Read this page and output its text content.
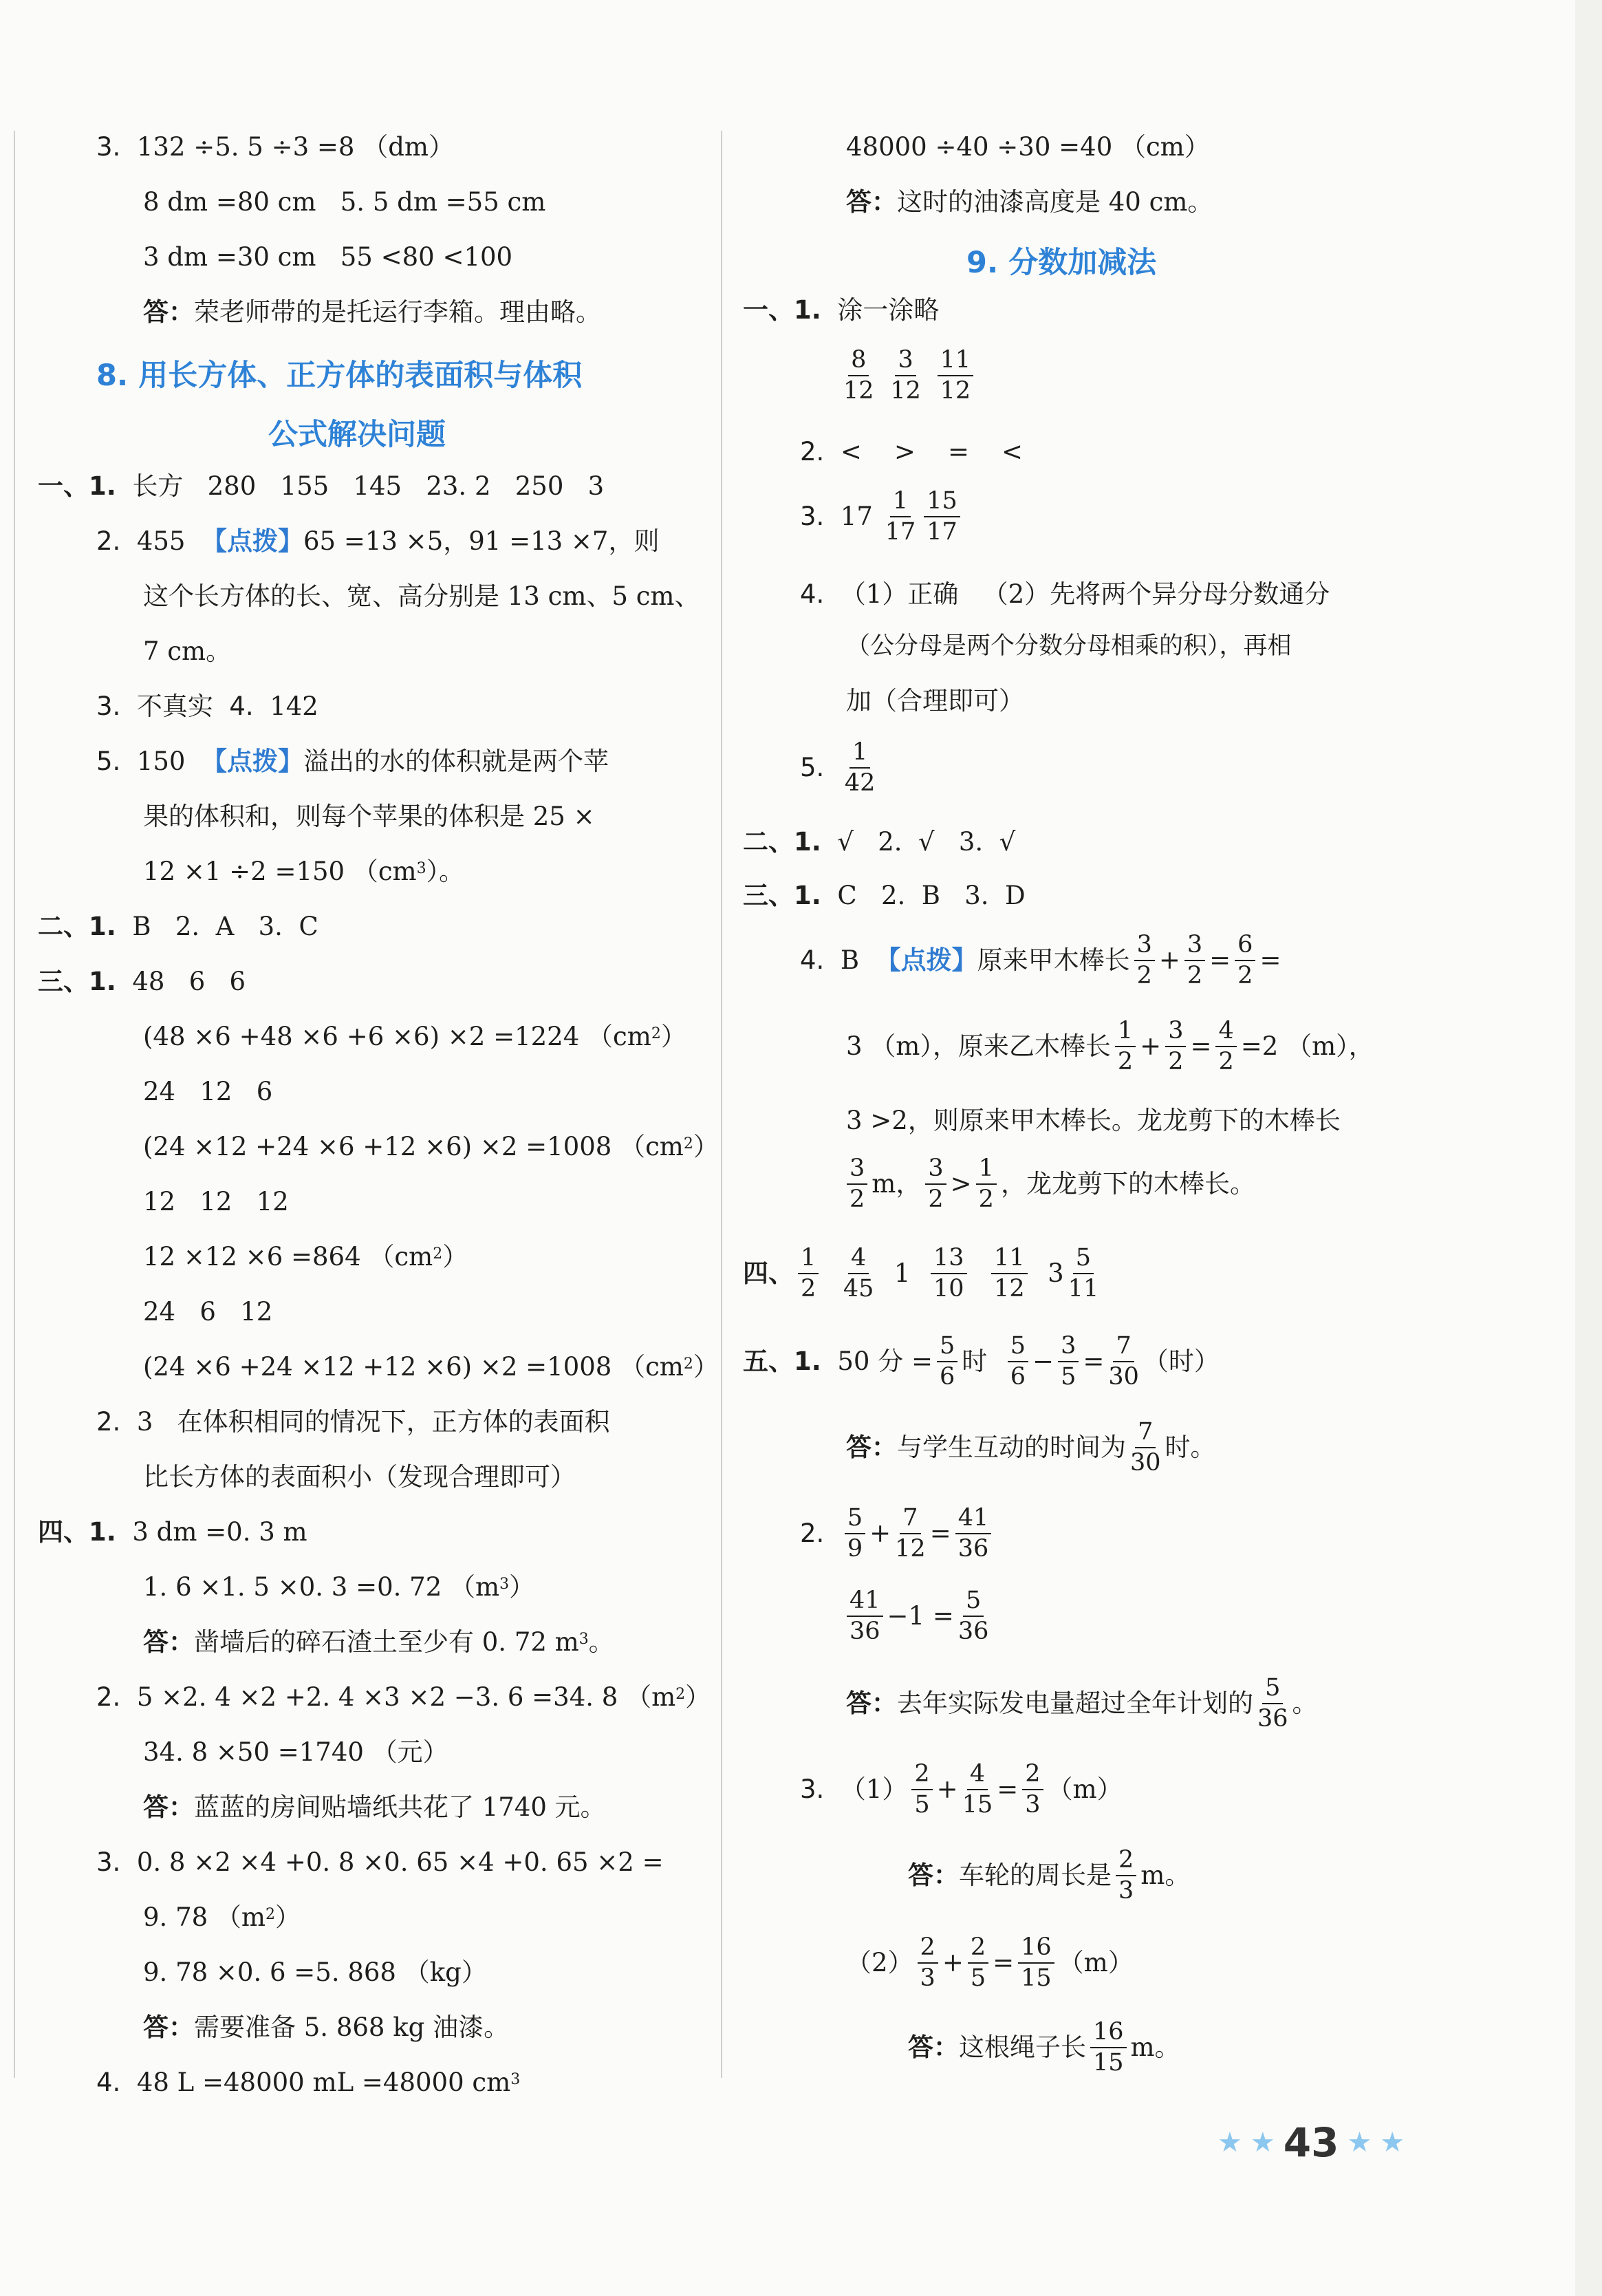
3.
132 ÷5. 5 ÷3 =8 （dm）
8 dm =80 cm   5. 5 dm =55 cm
3 dm =30 cm   55 <80 <100
答： 荣老师带的是托运行李箱。理由略。
8. 用长方体、正方体的表面积与体积
公式解决问题
一、1.
长方   280   155   145   23. 2   250   3
2.
455
【点拨】 65 =13 ×5，91 =13 ×7，则
这个长方体的长、宽、高分别是 13 cm、5 cm、
7 cm。
3.
不真实
4.
142
5.
150
【点拨】 溢出的水的体积就是两个苹
果的体积和，则每个苹果的体积是 25 ×
12 ×1 ÷2 =150 （$cm^3$ ）。
二、1.
B   2.  A   3.  C
三、1.
48   6   6
(48 ×6 +48 ×6 +6 ×6) ×2 =1224 （$cm^2$ ）
24   12   6
(24 ×12 +24 ×6 +12 ×6) ×2 =1008 （$cm^2$ ）
12   12   12
12 ×12 ×6 =864 （$cm^2$ ）
24   6   12
(24 ×6 +24 ×12 +12 ×6) ×2 =1008 （$cm^2$ ）
2.
3   在体积相同的情况下，正方体的表面积
比长方体的表面积小（发现合理即可）
四、1.
3 dm =0. 3 m
1. 6 ×1. 5 ×0. 3 =0. 72 （$m^3$ ）
答： 凿墙后的碎石渣土至少有 0. 72 $m^3$ 。
2.
5 ×2. 4 ×2 +2. 4 ×3 ×2 −3. 6 =34. 8 （$m^2$ ）
34. 8 ×50 =1740 （元）
答： 蓝蓝的房间贴墙纸共花了 1740 元。
3.
0. 8 ×2 ×4 +0. 8 ×0. 65 ×4 +0. 65 ×2 =
9. 78 （$m^2$ ）
9. 78 ×0. 6 =5. 868 （kg）
答： 需要准备 5. 868 kg 油漆。
4.
48 L =48000 mL =48000 $cm^3$
48000 ÷40 ÷30 =40 （cm）
答： 这时的油漆高度是 40 cm。
9. 分数加减法
一、1.
涂一涂略
8
12

3
12

11
12
2.
<    >    =    <
3.
17

1
17
15
17
4.
（1）正确   （2）先将两个异分母分数通分
（公分母是两个分数分母相乘的积），再相
加（合理即可）
5.

1
42
二、1.
√   2.  √   3.  √
三、1.
C   2.  B   3.  D
4.
B
【点拨】 原来甲木棒长
3
2
+ $\frac{3}{2} = \frac{6}{2}$ =
3 （m），原来乙木棒长
1
2
+ $\frac{3}{2} = \frac{4}{2} =2$ （m），
3 >2，则原来甲木棒长。龙龙剪下的木棒长
3
2
m，
3
2
>
1
2
，龙龙剪下的木棒长。
四、
1
2

4
45

1

13
10

11
12

3
5
11
五、1.
50 分 = $\frac{5}{6}$ 时

5
6
− $\frac{3}{5} = \frac{7}{30}$ （时）
答： 与学生互动的时间为
7
30
时。
2.

5
9
+ $\frac{7}{12} = \frac{41}{36}$
41
36
$-1 = \frac{5}{36}$
答： 去年实际发电量超过全年计划的
5
36
。
3.
（1）
2
5
+ $\frac{4}{15} = \frac{2}{3} (m)$
答： 车轮的周长是
2
3
m。
（2）
2
3
+ $\frac{2}{5} = \frac{16}{15} (m)$
答： 这根绳子长
16
15
m。
★ ★ 43 ★ ★
